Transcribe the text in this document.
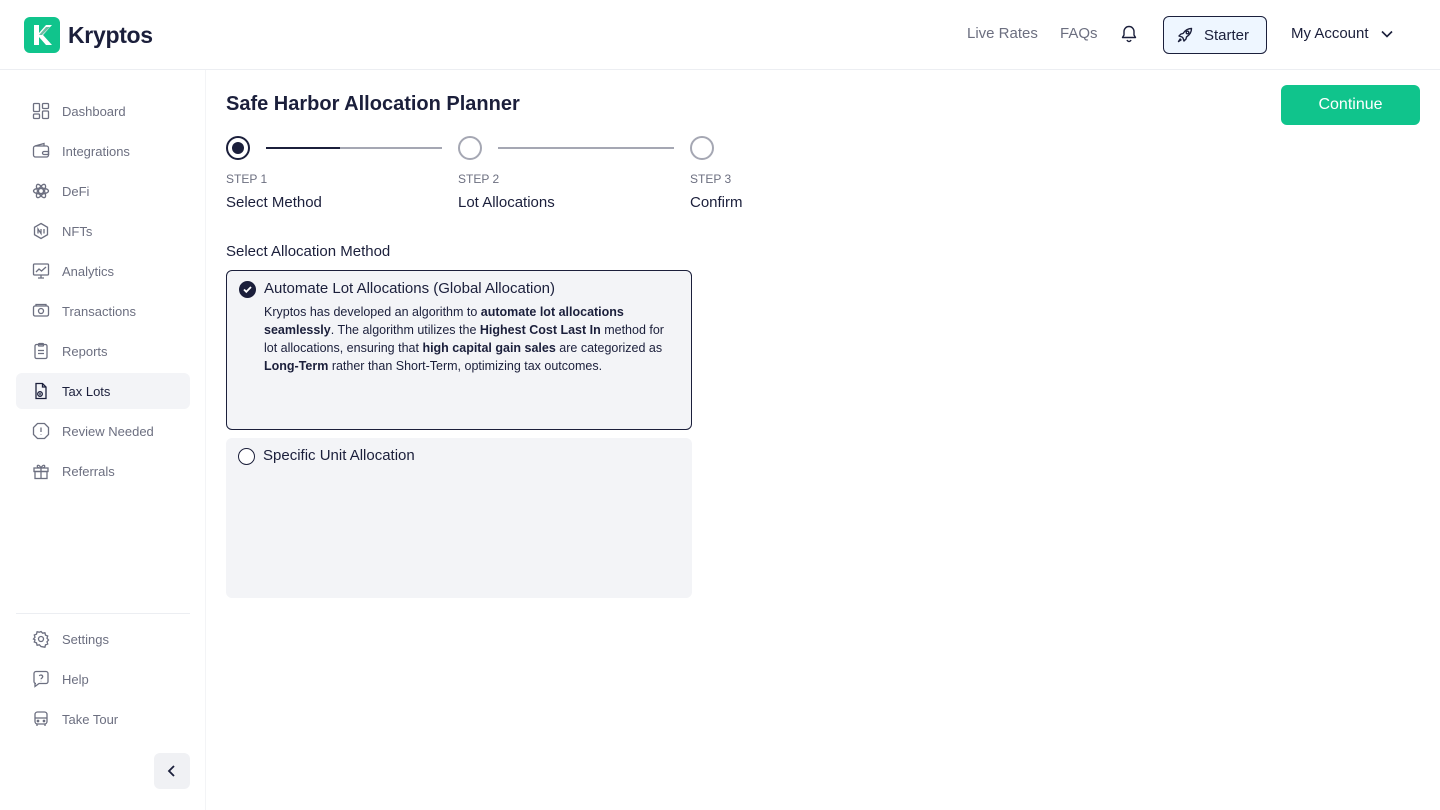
Kryptos	Live Rates FAQs	Starter	My Account
Dashboard
Integrations
DeFi
NFTs
Analytics
Transactions
Reports
Tax Lots
Review Needed
Referrals
Settings
Help
Take Tour
Safe Harbor Allocation Planner	Continue
STEP 1
Select Method
STEP 2
Lot Allocations
STEP 3
Confirm
Select Allocation Method
Automate Lot Allocations (Global Allocation)
Kryptos has developed an algorithm to automate lot allocations seamlessly. The algorithm utilizes the Highest Cost Last In method for lot allocations, ensuring that high capital gain sales are categorized as Long-Term rather than Short-Term, optimizing tax outcomes.
Specific Unit Allocation
